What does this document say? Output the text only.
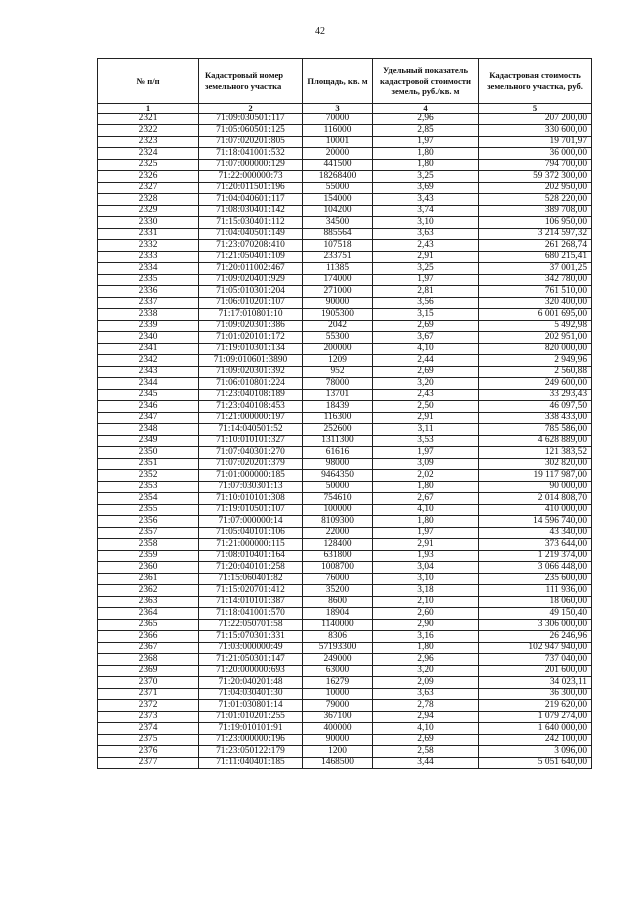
42
№ п/п	Кадастровый номер земельного участка	Площадь, кв. м	Удельный показатель кадастровой стоимости земель, руб./кв. м	Кадастровая стоимость земельного участка, руб.
1	2	3	4	5
2321	71:09:030501:117	70000	2,96	207 200,00
2322	71:05:060501:125	116000	2,85	330 600,00
2323	71:07:020201:805	10001	1,97	19 701,97
2324	71:18:041001:532	20000	1,80	36 000,00
2325	71:07:000000:129	441500	1,80	794 700,00
2326	71:22:000000:73	18268400	3,25	59 372 300,00
2327	71:20:011501:196	55000	3,69	202 950,00
2328	71:04:040601:117	154000	3,43	528 220,00
2329	71:08:030401:142	104200	3,74	389 708,00
2330	71:15:030401:112	34500	3,10	106 950,00
2331	71:04:040501:149	885564	3,63	3 214 597,32
2332	71:23:070208:410	107518	2,43	261 268,74
2333	71:21:050401:109	233751	2,91	680 215,41
2334	71:20:011002:467	11385	3,25	37 001,25
2335	71:09:020401:929	174000	1,97	342 780,00
2336	71:05:010301:204	271000	2,81	761 510,00
2337	71:06:010201:107	90000	3,56	320 400,00
2338	71:17:010801:10	1905300	3,15	6 001 695,00
2339	71:09:020301:386	2042	2,69	5 492,98
2340	71:01:020101:172	55300	3,67	202 951,00
2341	71:19:010301:134	200000	4,10	820 000,00
2342	71:09:010601:3890	1209	2,44	2 949,96
2343	71:09:020301:392	952	2,69	2 560,88
2344	71:06:010801:224	78000	3,20	249 600,00
2345	71:23:040108:189	13701	2,43	33 293,43
2346	71:23:040108:453	18439	2,50	46 097,50
2347	71:21:000000:197	116300	2,91	338 433,00
2348	71:14:040501:52	252600	3,11	785 586,00
2349	71:10:010101:327	1311300	3,53	4 628 889,00
2350	71:07:040301:270	61616	1,97	121 383,52
2351	71:07:020201:379	98000	3,09	302 820,00
2352	71:01:000000:185	9464350	2,02	19 117 987,00
2353	71:07:030301:13	50000	1,80	90 000,00
2354	71:10:010101:308	754610	2,67	2 014 808,70
2355	71:19:010501:107	100000	4,10	410 000,00
2356	71:07:000000:14	8109300	1,80	14 596 740,00
2357	71:05:040101:106	22000	1,97	43 340,00
2358	71:21:000000:115	128400	2,91	373 644,00
2359	71:08:010401:164	631800	1,93	1 219 374,00
2360	71:20:040101:258	1008700	3,04	3 066 448,00
2361	71:15:060401:82	76000	3,10	235 600,00
2362	71:15:020701:412	35200	3,18	111 936,00
2363	71:14:010101:387	8600	2,10	18 060,00
2364	71:18:041001:570	18904	2,60	49 150,40
2365	71:22:050701:58	1140000	2,90	3 306 000,00
2366	71:15:070301:331	8306	3,16	26 246,96
2367	71:03:000000:49	57193300	1,80	102 947 940,00
2368	71:21:050301:147	249000	2,96	737 040,00
2369	71:20:000000:693	63000	3,20	201 600,00
2370	71:20:040201:48	16279	2,09	34 023,11
2371	71:04:030401:30	10000	3,63	36 300,00
2372	71:01:030801:14	79000	2,78	219 620,00
2373	71:01:010201:255	367100	2,94	1 079 274,00
2374	71:19:010101:91	400000	4,10	1 640 000,00
2375	71:23:000000:196	90000	2,69	242 100,00
2376	71:23:050122:179	1200	2,58	3 096,00
2377	71:11:040401:185	1468500	3,44	5 051 640,00
